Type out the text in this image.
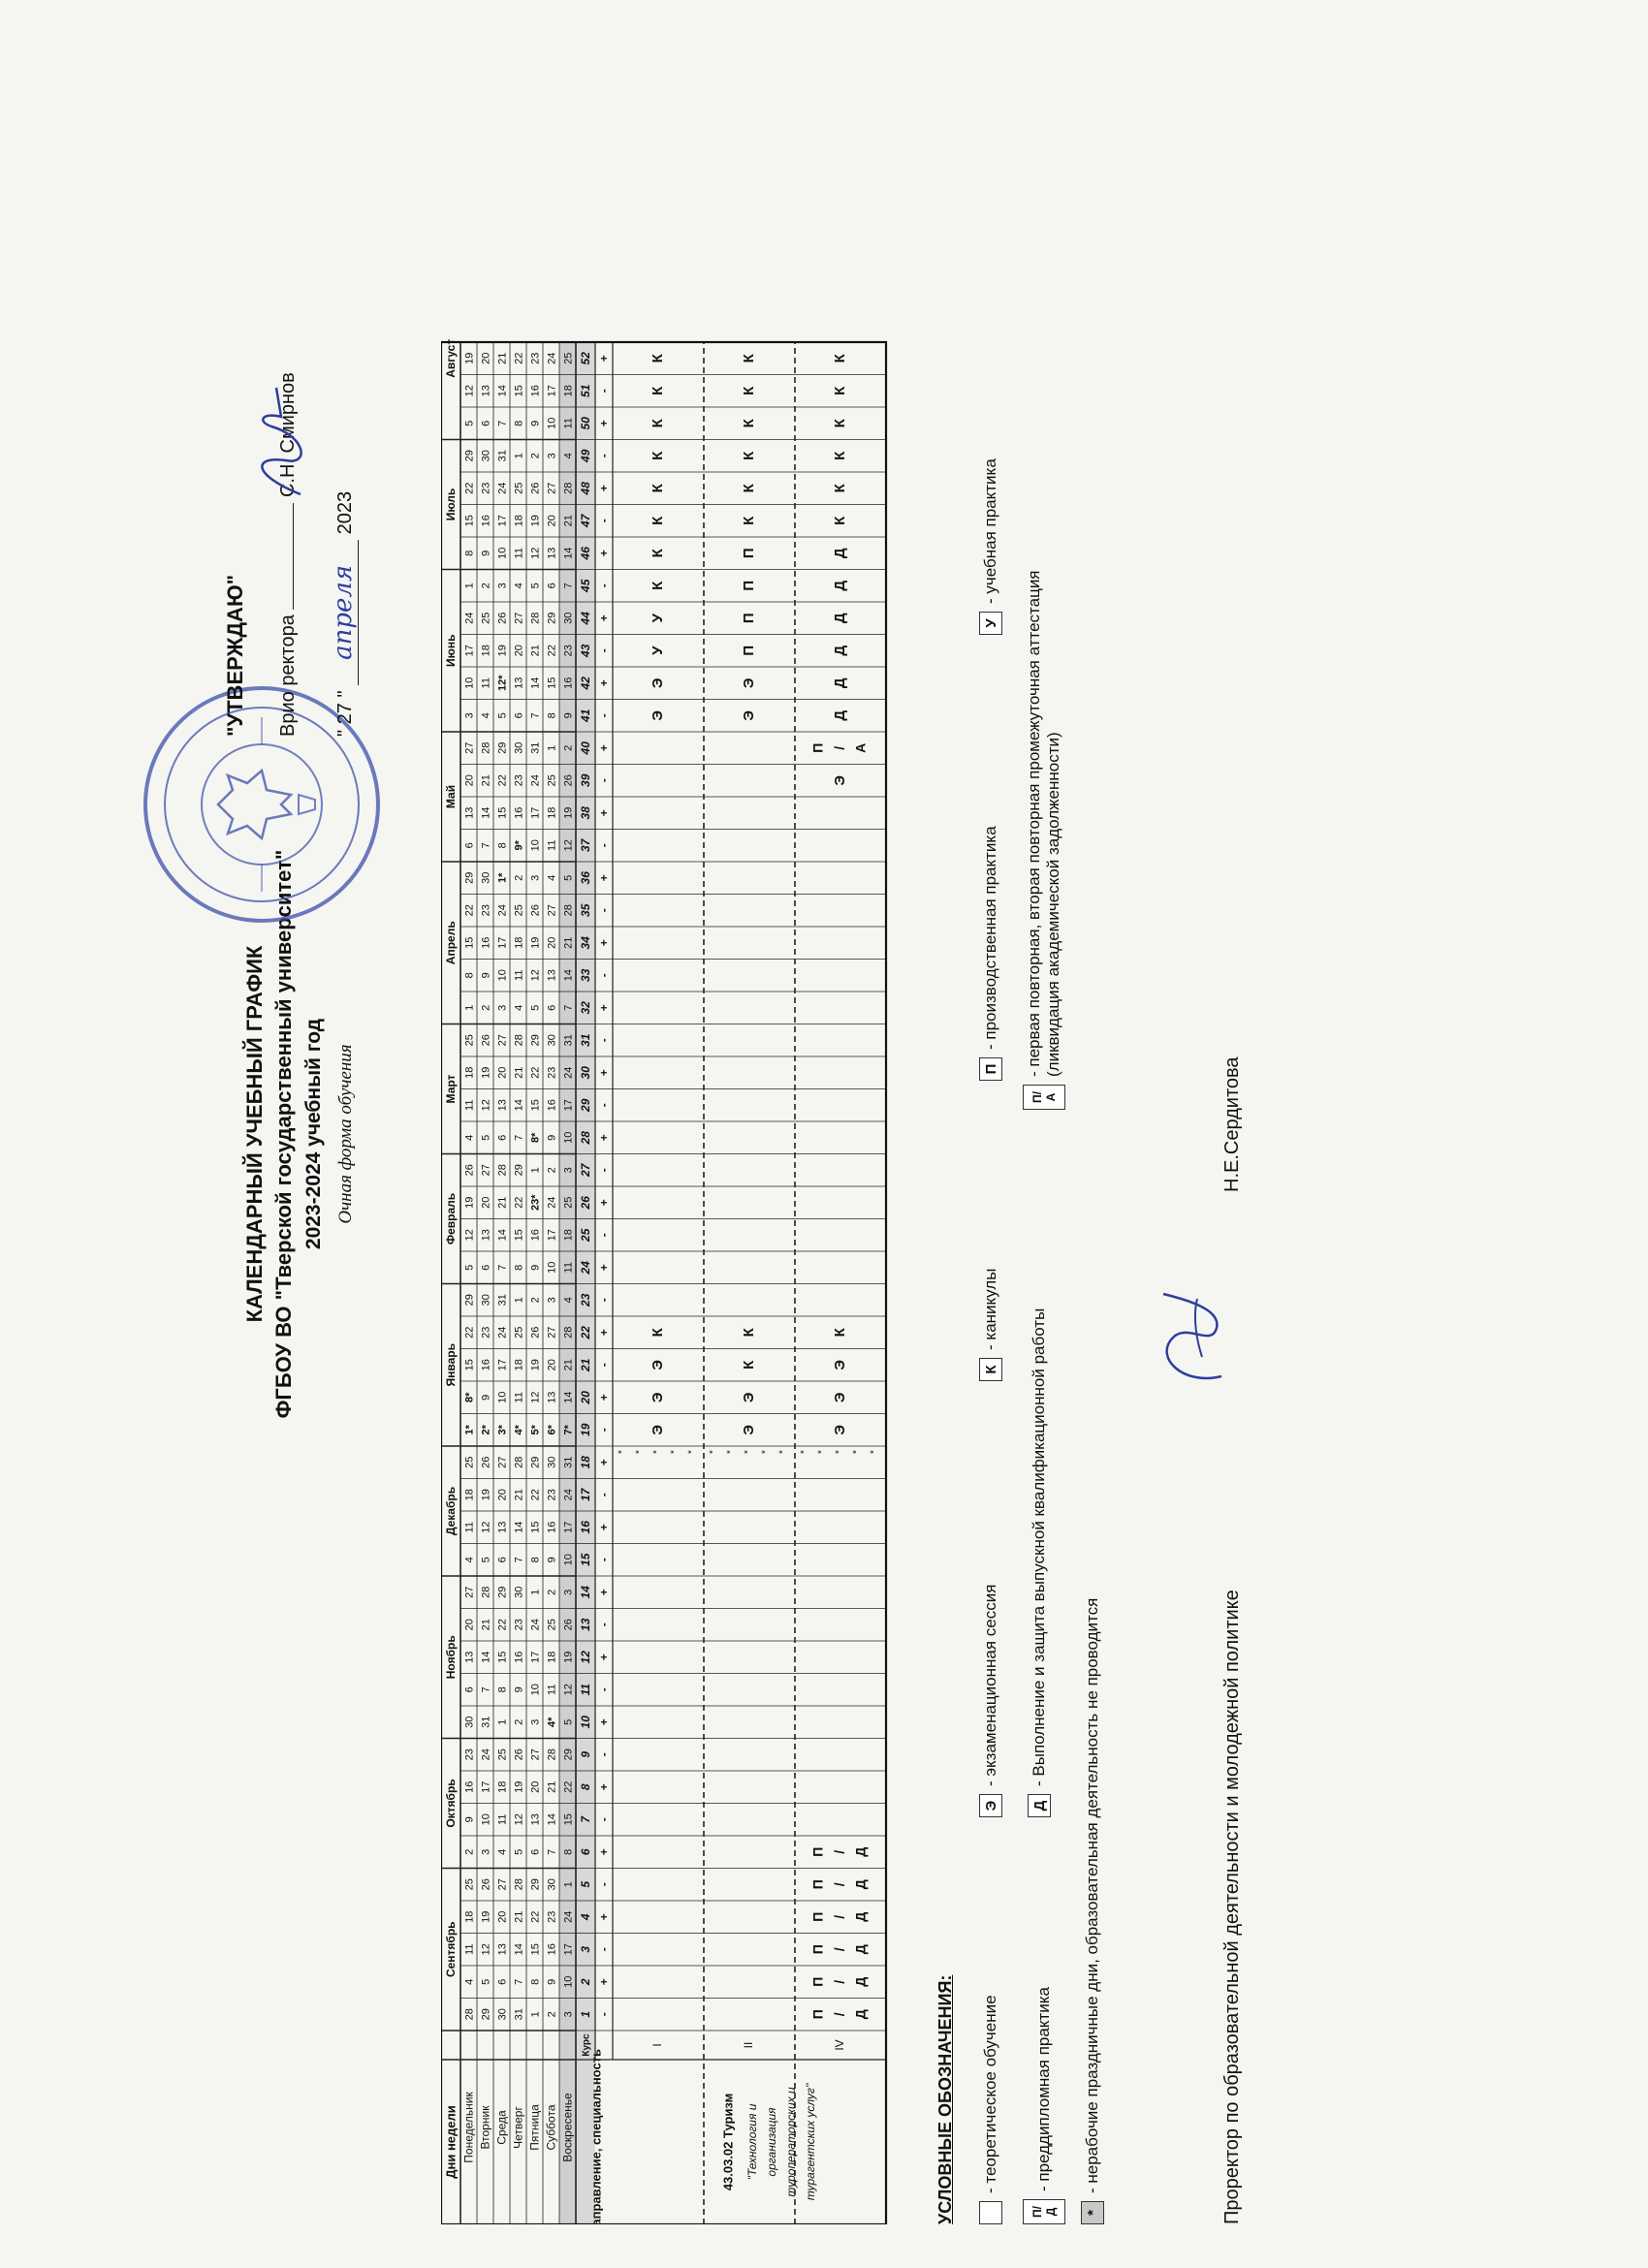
КАЛЕНДАРНЫЙ УЧЕБНЫЙ ГРАФИК ФГБОУ ВО "Тверской государственный университет" 2023-2024 учебный год Очная форма обучения
"УТВЕРЖДАЮ" Врио ректора  С.Н. Смирнов
" 27 " апреля 2023
Дни недели
Сентябрь
Октябрь
Ноябрь
Декабрь
Январь
Февраль
Март
Апрель
Май
Июнь
Июль
Август
Понедельник
28
4
11
18
25
2
9
16
23
30
6
13
20
27
4
11
18
25
1*
8*
15
22
29
5
12
19
26
4
11
18
25
1
8
15
22
29
6
13
20
27
3
10
17
24
1
8
15
22
29
5
12
19
Вторник
29
5
12
19
26
3
10
17
24
31
7
14
21
28
5
12
19
26
2*
9
16
23
30
6
13
20
27
5
12
19
26
2
9
16
23
30
7
14
21
28
4
11
18
25
2
9
16
23
30
6
13
20
Среда
30
6
13
20
27
4
11
18
25
1
8
15
22
29
6
13
20
27
3*
10
17
24
31
7
14
21
28
6
13
20
27
3
10
17
24
1*
8
15
22
29
5
12*
19
26
3
10
17
24
31
7
14
21
Четверг
31
7
14
21
28
5
12
19
26
2
9
16
23
30
7
14
21
28
4*
11
18
25
1
8
15
22
29
7
14
21
28
4
11
18
25
2
9*
16
23
30
6
13
20
27
4
11
18
25
1
8
15
22
Пятница
1
8
15
22
29
6
13
20
27
3
10
17
24
1
8
15
22
29
5*
12
19
26
2
9
16
23*
1
8*
15
22
29
5
12
19
26
3
10
17
24
31
7
14
21
28
5
12
19
26
2
9
16
23
Суббота
2
9
16
23
30
7
14
21
28
4*
11
18
25
2
9
16
23
30
6*
13
20
27
3
10
17
24
2
9
16
23
30
6
13
20
27
4
11
18
25
1
8
15
22
29
6
13
20
27
3
10
17
24
Воскресенье
3
10
17
24
1
8
15
22
29
5
12
19
26
3
10
17
24
31
7*
14
21
28
4
11
18
25
3
10
17
24
31
7
14
21
28
5
12
19
26
2
9
16
23
30
7
14
21
28
4
11
18
25
Направление, специальность
Курс
1
2
3
4
5
6
7
8
9
10
11
12
13
14
15
16
17
18
19
20
21
22
23
24
25
26
27
28
29
30
31
32
33
34
35
36
37
38
39
40
41
42
43
44
45
46
47
48
49
50
51
52
-
+
-
+
-
+
-
+
-
+
-
+
-
+
-
+
-
+
-
+
-
+
-
+
-
+
-
+
-
+
-
+
-
+
-
+
-
+
-
+
-
+
-
+
-
+
-
+
-
+
-
+
I
Э
Э
Э
К
Э
Э
У
У
К
К
К
К
К
К
К
К
* * * * *
II
Э
Э
К
К
Э
Э
П
П
П
П
К
К
К
К
К
К
* * * * *
IV
П / Д
П / Д
П / Д
П / Д
П / Д
П / Д
Э
Э
Э
К
Э
П / А
Д
Д
Д
Д
Д
Д
К
К
К
К
К
К
* * * * *
43.03.02 Туризм "Технология и организация туроператорских и турагентских услуг"	УСЛОВНЫЕ ОБОЗНАЧЕНИЯ: - теоретическое обучение
Э
- экзаменационная сессия
К
- каникулы
П
- производственная практика
У
- учебная практика
П/ Д
- преддипломная практика
Д
- Выполнение и защита выпускной квалификационной работы
П/ А
- первая повторная, вторая повторная промежуточная аттестация (ликвидация академической задолженности)
*
- нерабочие праздничные дни, образовательная деятельность не проводится	Проректор по образовательной деятельности и молодежной политике
Н.Е.Сердитова
